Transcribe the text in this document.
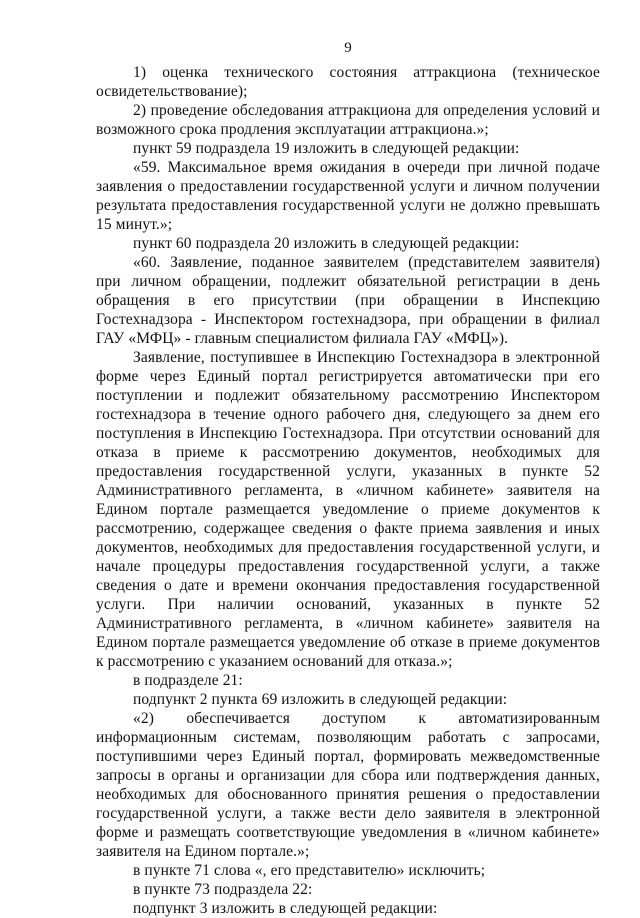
9

1) оценка технического состояния аттракциона (техническое освидетельствование);

2) проведение обследования аттракциона для определения условий и возможного срока продления эксплуатации аттракциона.»;

пункт 59 подраздела 19 изложить в следующей редакции:

«59. Максимальное время ожидания в очереди при личной подаче заявления о предоставлении государственной услуги и личном получении результата предоставления государственной услуги не должно превышать 15 минут.»;

пункт 60 подраздела 20 изложить в следующей редакции:

«60. Заявление, поданное заявителем (представителем заявителя) при личном обращении, подлежит обязательной регистрации в день обращения в его присутствии (при обращении в Инспекцию Гостехнадзора - Инспектором гостехнадзора, при обращении в филиал ГАУ «МФЦ» - главным специалистом филиала ГАУ «МФЦ»).

Заявление, поступившее в Инспекцию Гостехнадзора в электронной форме через Единый портал регистрируется автоматически при его поступлении и подлежит обязательному рассмотрению Инспектором гостехнадзора в течение одного рабочего дня, следующего за днем его поступления в Инспекцию Гостехнадзора. При отсутствии оснований для отказа в приеме к рассмотрению документов, необходимых для предоставления государственной услуги, указанных в пункте 52 Административного регламента, в «личном кабинете» заявителя на Едином портале размещается уведомление о приеме документов к рассмотрению, содержащее сведения о факте приема заявления и иных документов, необходимых для предоставления государственной услуги, и начале процедуры предоставления государственной услуги, а также сведения о дате и времени окончания предоставления государственной услуги. При наличии оснований, указанных в пункте 52 Административного регламента, в «личном кабинете» заявителя на Едином портале размещается уведомление об отказе в приеме документов к рассмотрению с указанием оснований для отказа.»;

в подразделе 21:

подпункт 2 пункта 69 изложить в следующей редакции:

«2) обеспечивается доступом к автоматизированным информационным системам, позволяющим работать с запросами, поступившими через Единый портал, формировать межведомственные запросы в органы и организации для сбора или подтверждения данных, необходимых для обоснованного принятия решения о предоставлении государственной услуги, а также вести дело заявителя в электронной форме и размещать соответствующие уведомления в «личном кабинете» заявителя на Едином портале.»;

в пункте 71 слова «, его представителю» исключить;

в пункте 73 подраздела 22:

подпункт 3 изложить в следующей редакции:
